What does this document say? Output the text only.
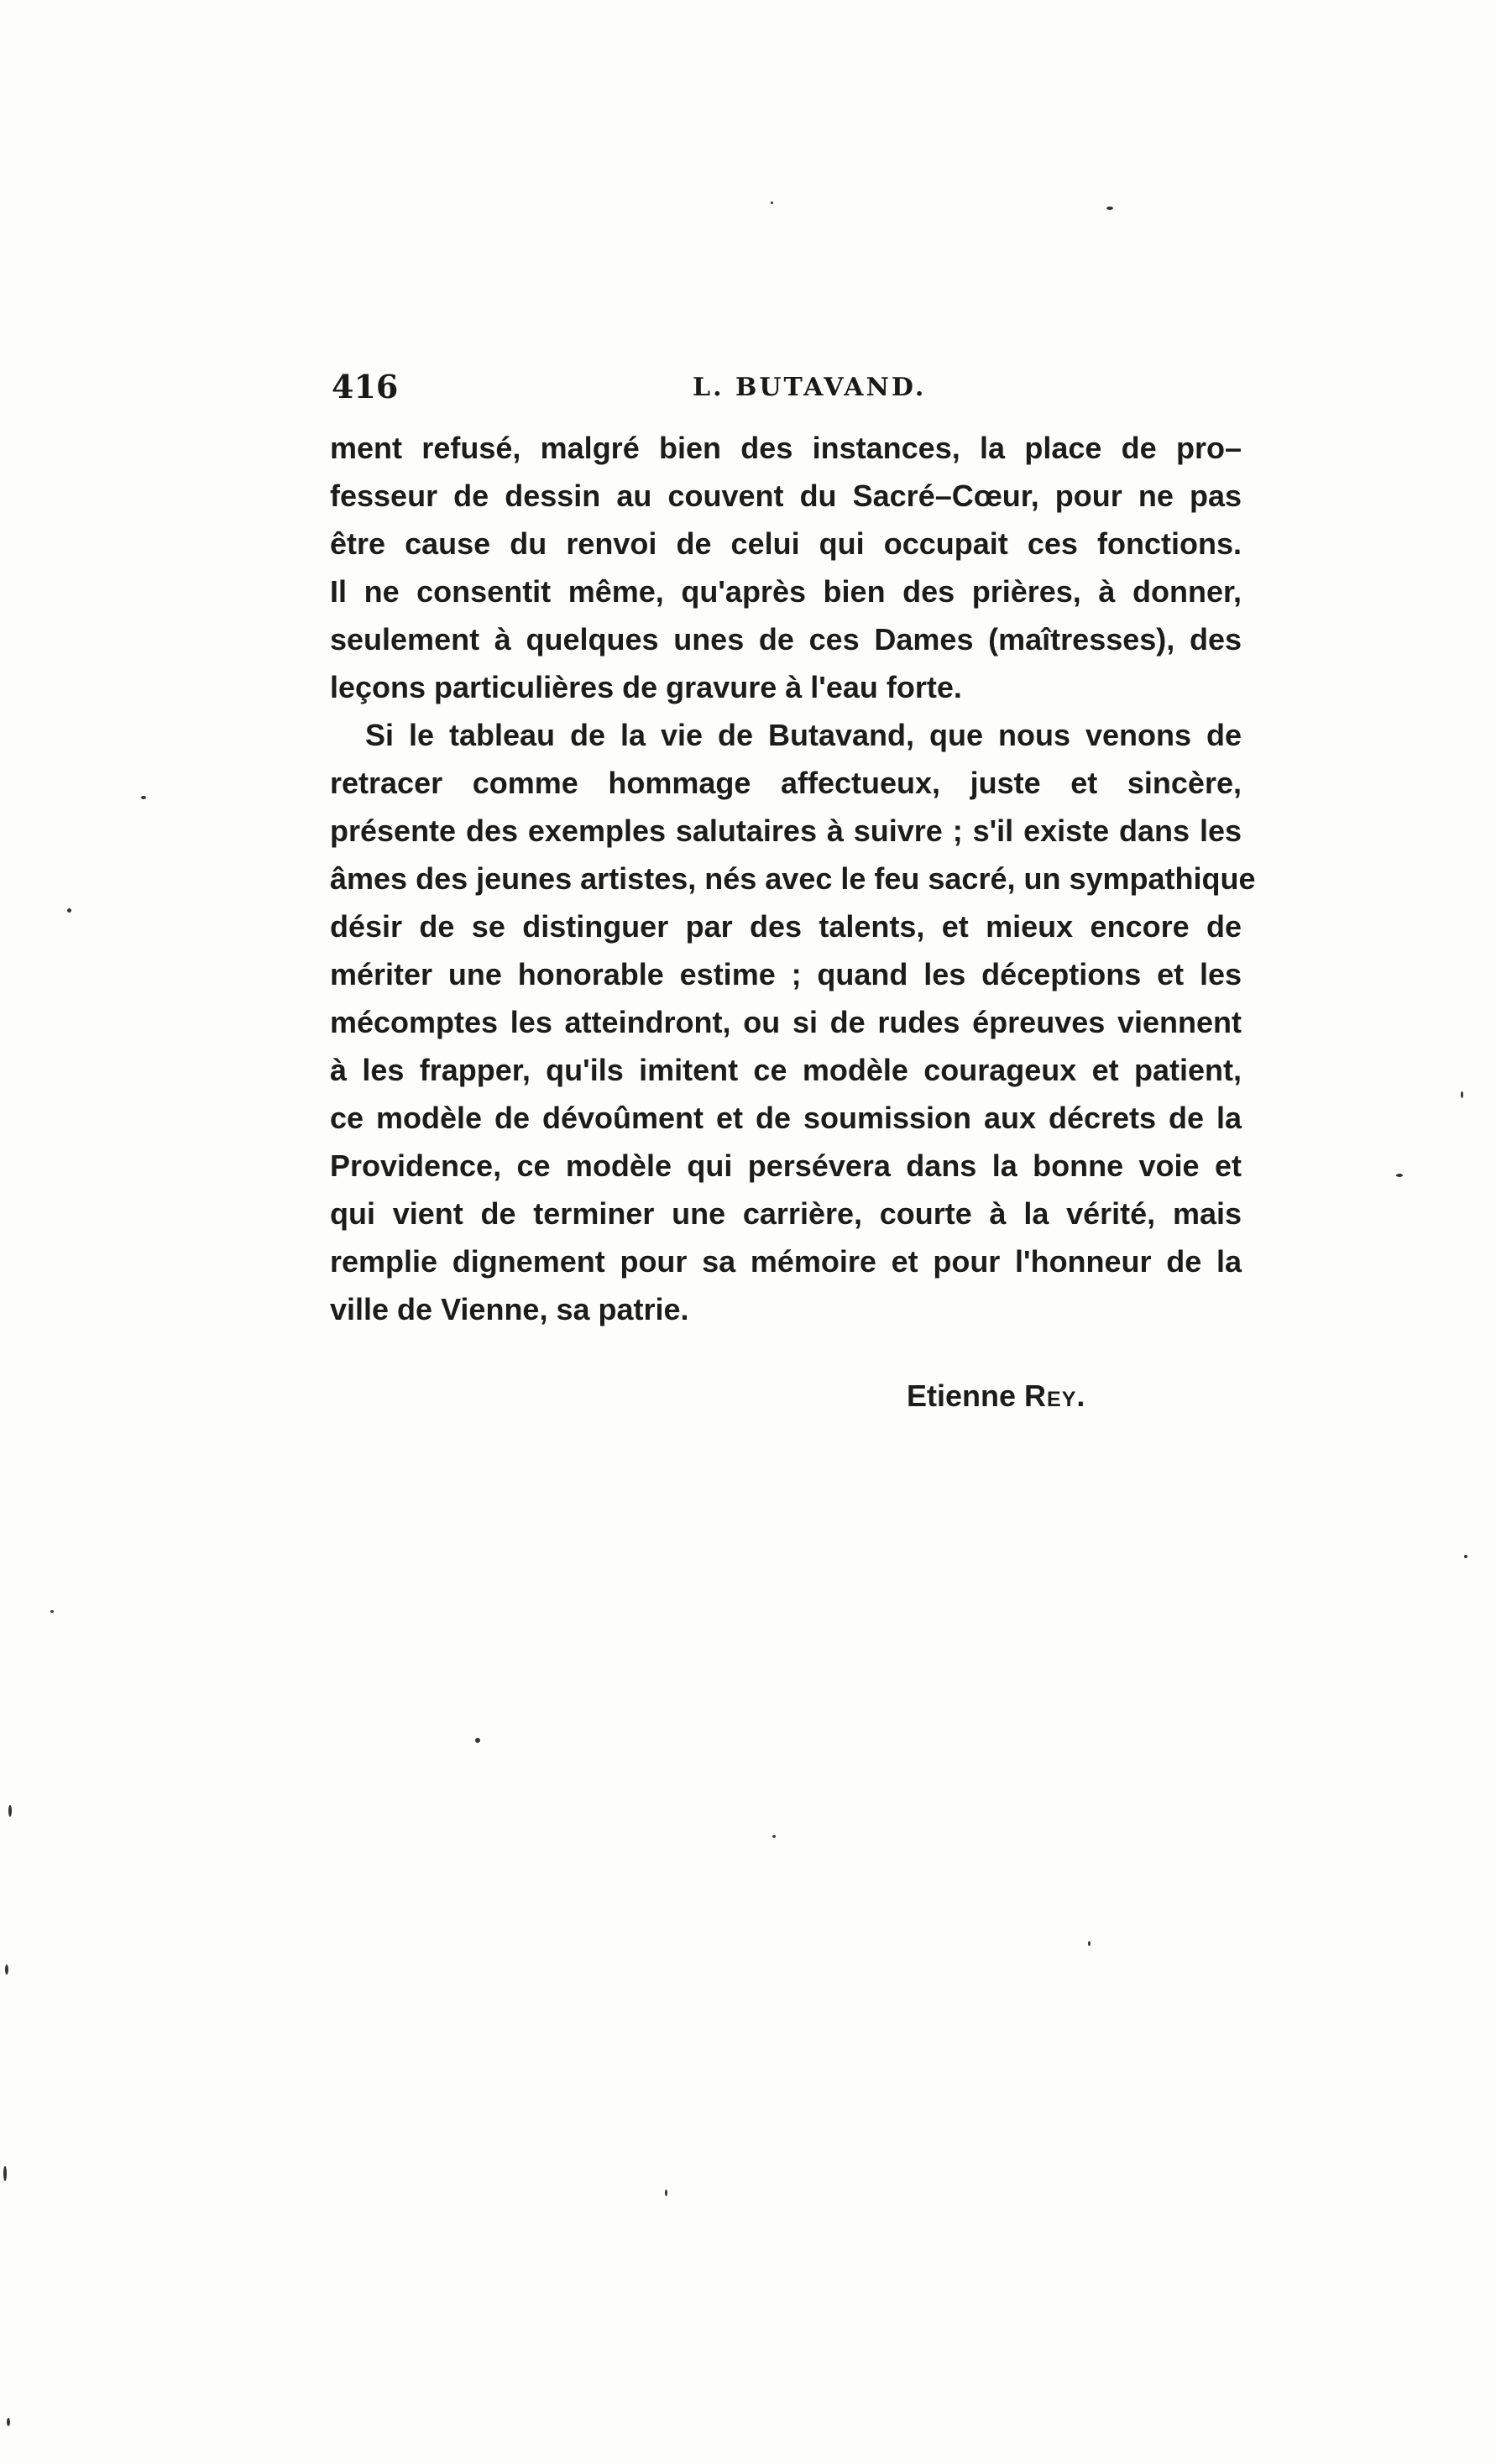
416	L. BUTAVAND.
ment refusé, malgré bien des instances, la place de pro–
fesseur de dessin au couvent du Sacré–Cœur, pour ne pas
être cause du renvoi de celui qui occupait ces fonctions.
Il ne consentit même, qu'après bien des prières, à donner,
seulement à quelques unes de ces Dames (maîtresses), des
leçons particulières de gravure à l'eau forte.
Si le tableau de la vie de Butavand, que nous venons de
retracer comme hommage affectueux, juste et sincère,
présente des exemples salutaires à suivre ; s'il existe dans les
âmes des jeunes artistes, nés avec le feu sacré, un sympathique
désir de se distinguer par des talents, et mieux encore de
mériter une honorable estime ; quand les déceptions et les
mécomptes les atteindront, ou si de rudes épreuves viennent
à les frapper, qu'ils imitent ce modèle courageux et patient,
ce modèle de dévoûment et de soumission aux décrets de la
Providence, ce modèle qui persévera dans la bonne voie et
qui vient de terminer une carrière, courte à la vérité, mais
remplie dignement pour sa mémoire et pour l'honneur de la
ville de Vienne, sa patrie.
Etienne Rey.
